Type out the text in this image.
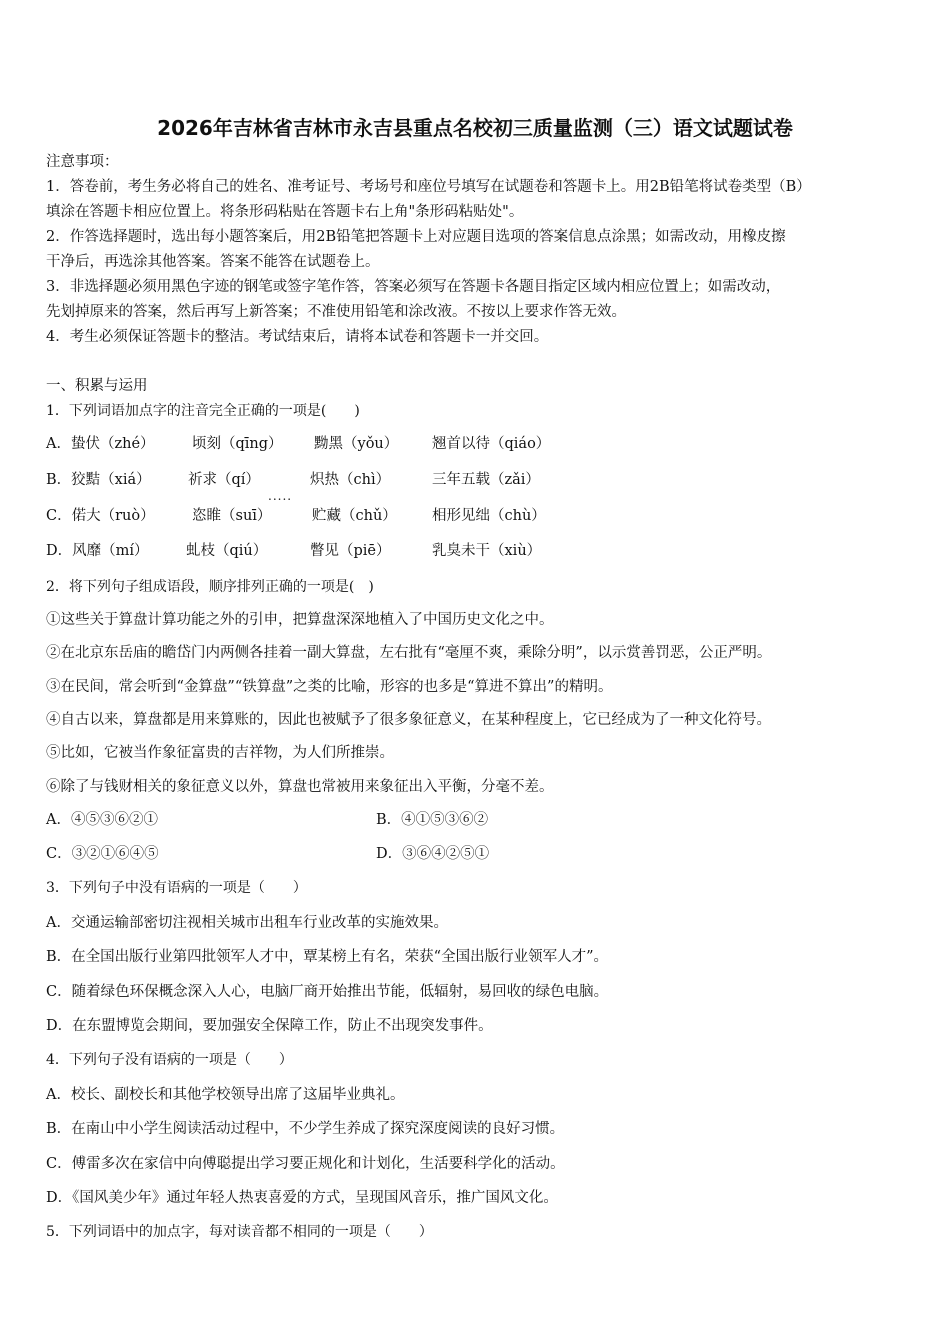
2026年吉林省吉林市永吉县重点名校初三质量监测（三）语文试题试卷
注意事项：
1．答卷前，考生务必将自己的姓名、准考证号、考场号和座位号填写在试题卷和答题卡上。用2B铅笔将试卷类型（B）
填涂在答题卡相应位置上。将条形码粘贴在答题卡右上角"条形码粘贴处"。
2．作答选择题时，选出每小题答案后，用2B铅笔把答题卡上对应题目选项的答案信息点涂黑；如需改动，用橡皮擦
干净后，再选涂其他答案。答案不能答在试题卷上。
3．非选择题必须用黑色字迹的钢笔或签字笔作答，答案必须写在答题卡各题目指定区域内相应位置上；如需改动，
先划掉原来的答案，然后再写上新答案；不准使用铅笔和涂改液。不按以上要求作答无效。
4．考生必须保证答题卡的整洁。考试结束后，请将本试卷和答题卡一并交回。
一、积累与运用
1．下列词语加点字的注音完全正确的一项是(　　)
A．蛰伏（zhé）	顷刻（qīng） 黝黑（yǒu） 翘首以待（qiáo）
B．狡黠（xiá）	祈求（qí）	炽热（chì）	三年五载（zǎi）
.....
C．偌大（ruò）	恣睢（suī）	贮藏（chǔ） 相形见绌（chù）
D．风靡（mí）	虬枝（qiú）	瞥见（piē）	乳臭未干（xiù）
2．将下列句子组成语段，顺序排列正确的一项是(　)
①这些关于算盘计算功能之外的引申，把算盘深深地植入了中国历史文化之中。
②在北京东岳庙的瞻岱门内两侧各挂着一副大算盘，左右批有“毫厘不爽，乘除分明”，以示赏善罚恶，公正严明。
③在民间，常会听到“金算盘”“铁算盘”之类的比喻，形容的也多是“算进不算出”的精明。
④自古以来，算盘都是用来算账的，因此也被赋予了很多象征意义，在某种程度上，它已经成为了一种文化符号。
⑤比如，它被当作象征富贵的吉祥物，为人们所推崇。
⑥除了与钱财相关的象征意义以外，算盘也常被用来象征出入平衡，分毫不差。
A．④⑤③⑥②①	B．④①⑤③⑥②
C．③②①⑥④⑤	D．③⑥④②⑤①
3．下列句子中没有语病的一项是（　　）
A．交通运输部密切注视相关城市出租车行业改革的实施效果。
B．在全国出版行业第四批领军人才中，覃某榜上有名，荣获“全国出版行业领军人才”。
C．随着绿色环保概念深入人心，电脑厂商开始推出节能，低辐射，易回收的绿色电脑。
D．在东盟博览会期间，要加强安全保障工作，防止不出现突发事件。
4．下列句子没有语病的一项是（　　）
A．校长、副校长和其他学校领导出席了这届毕业典礼。
B．在南山中小学生阅读活动过程中，不少学生养成了探究深度阅读的良好习惯。
C．傅雷多次在家信中向傅聪提出学习要正规化和计划化，生活要科学化的活动。
D．《国风美少年》通过年轻人热衷喜爱的方式，呈现国风音乐，推广国风文化。
5．下列词语中的加点字，每对读音都不相同的一项是（　　）
